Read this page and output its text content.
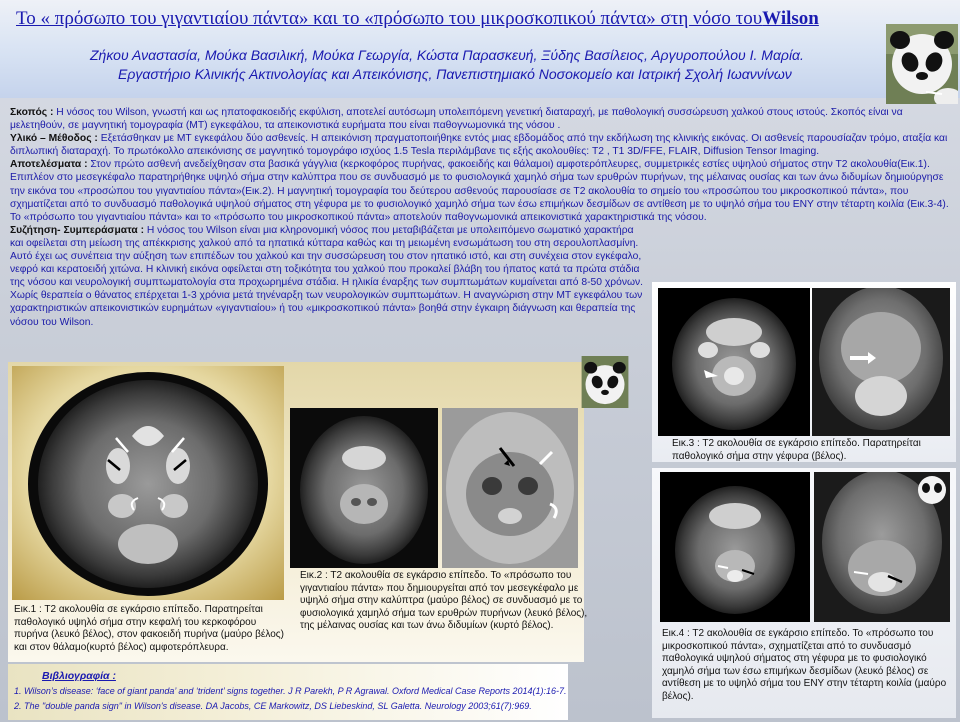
Το « πρόσωπο του γιγαντιαίου πάντα» και το «πρόσωπο του μικροσκοπικού πάντα» στη νόσο τουWilson
Ζήκου Αναστασία, Μούκα Βασιλική, Μούκα Γεωργία, Κώστα Παρασκευή, Ξύδης Βασίλειος, Αργυροπούλου Ι. Μαρία.
Εργαστήριο Κλινικής Ακτινολογίας και Απεικόνισης, Πανεπιστημιακό Νοσοκομείο και Ιατρική Σχολή Ιωαννίνων

Σκοπός : Η νόσος του Wilson, γνωστή και ως ηπατοφακοειδής εκφύλιση, αποτελεί αυτόσωμη υπολειπόμενη γενετική διαταραχή, με παθολογική συσσώρευση χαλκού στους ιστούς. Σκοπός είναι να μελετηθούν, σε μαγνητική τομογραφία (ΜΤ) εγκεφάλου, τα απεικονιστικά ευρήματα που είναι παθογνωμονικά της νόσου .

Υλικό – Μέθοδος : Εξετάσθηκαν με ΜΤ εγκεφάλου δύο ασθενείς. Η απεικόνιση πραγματοποιήθηκε εντός μιας εβδομάδος από την εκδήλωση της κλινικής εικόνας. Οι ασθενείς παρουσίαζαν τρόμο, αταξία και διπλωπική διαταραχή. Το πρωτόκολλο απεικόνισης σε μαγνητικό τομογράφο ισχύος 1.5 Tesla περιλάμβανε τις εξής ακολουθίες: T2 , T1 3D/FFE, FLAIR, Diffusion Tensor Imaging.

Αποτελέσματα : Στον πρώτο ασθενή ανεδείχθησαν στα βασικά γάγγλια (κερκοφόρος πυρήνας, φακοειδής και θάλαμοι) αμφοτερόπλευρες, συμμετρικές εστίες υψηλού σήματος στην Τ2 ακολουθία(Εικ.1). Επιπλέον στο μεσεγκέφαλο παρατηρήθηκε υψηλό σήμα στην καλύπτρα που σε συνδυασμό με το φυσιολογικά χαμηλό σήμα των ερυθρών πυρήνων, της μέλαινας ουσίας και των άνω διδυμίων δημιούργησε την εικόνα του «προσώπου του γιγαντιαίου πάντα»(Εικ.2). Η μαγνητική τομογραφία του δεύτερου ασθενούς παρουσίασε σε Τ2 ακολουθία το σημείο του «προσώπου του μικροσκοπικού πάντα», που σχηματίζεται από το συνδυασμό παθολογικά υψηλού σήματος στη γέφυρα με το φυσιολογικό χαμηλό σήμα των έσω επιμήκων δεσμίδων σε αντίθεση με το υψηλό σήμα του ΕΝΥ στην τέταρτη κοιλία (Εικ.3-4). Το «πρόσωπο του γιγαντιαίου πάντα» και το «πρόσωπο του μικροσκοπικού πάντα» αποτελούν παθογνωμονικά απεικονιστικά χαρακτηριστικά της νόσου.

Συζήτηση- Συμπεράσματα : Η νόσος του Wilson είναι μια κληρονομική νόσος που μεταβιβάζεται με υπολειπόμενο σωματικό χαρακτήρα και οφείλεται στη μείωση της απέκκρισης χαλκού από τα ηπατικά κύτταρα καθώς και τη μειωμένη ενσωμάτωση του στη σερουλοπλασμίνη. Αυτό έχει ως συνέπεια την αύξηση των επιπέδων του χαλκού και την συσσώρευση του στον ηπατικό ιστό, και στη συνέχεια στον εγκέφαλο, νεφρό και κερατοειδή χιτώνα. Η κλινική εικόνα οφείλεται στη τοξικότητα του χαλκού που προκαλεί βλάβη του ήπατος κατά τα πρώτα στάδια της νόσου και νευρολογική συμπτωματολογία στα προχωρημένα στάδια. Η ηλικία έναρξης των συμπτωμάτων κυμαίνεται από 8-50 χρόνων. Χωρίς θεραπεία ο θάνατος επέρχεται 1-3 χρόνια μετά τηνέναρξη των νευρολογικών συμπτωμάτων. Η αναγνώριση στην ΜΤ εγκεφάλου των χαρακτηριστικών απεικονιστικών ευρημάτων «γιγαντιαίου» ή του «μικροσκοπικού πάντα» βοηθά στην έγκαιρη διάγνωση και θεραπεία της νόσου του Wilson.

Εικ.3 : Τ2 ακολουθία σε εγκάρσιο επίπεδο. Παρατηρείται παθολογικό σήμα στην γέφυρα (βέλος).
Εικ.4 : Τ2 ακολουθία σε εγκάρσιο επίπεδο. Το «πρόσωπο του μικροσκοπικού πάντα», σχηματίζεται από το συνδυασμό παθολογικά υψηλού σήματος στη γέφυρα με το φυσιολογικό χαμηλό σήμα των έσω επιμήκων δεσμίδων (λευκό βέλος) σε αντίθεση με το υψηλό σήμα του ΕΝΥ στην τέταρτη κοιλία (μαύρο βέλος).
Εικ.1 : Τ2 ακολουθία σε εγκάρσιο επίπεδο. Παρατηρείται παθολογικό υψηλό σήμα στην κεφαλή του κερκοφόρου πυρήνα (λευκό βέλος), στον φακοειδή πυρήνα (μαύρο βέλος) και στον θάλαμο(κυρτό βέλος) αμφοτερόπλευρα.
Εικ.2 : Τ2 ακολουθία σε εγκάρσιο επίπεδο. Το «πρόσωπο του γιγαντιαίου πάντα» που δημιουργείται από τον μεσεγκέφαλο με υψηλό σήμα στην καλύπτρα (μαύρο βέλος) σε συνδυασμό με το φυσιολογικά χαμηλό σήμα των ερυθρών πυρήνων (λευκό βέλος), της μέλαινας ουσίας και των άνω διδυμίων (κυρτό βέλος).
Βιβλιογραφία :
1. Wilson’s disease: ‘face of giant panda’ and ‘trident’ signs together. J R Parekh, P R Agrawal. Oxford Medical Case Reports 2014(1):16-7.
2. The "double panda sign" in Wilson's disease. DA Jacobs, CE Markowitz, DS Liebeskind, SL Galetta. Neurology 2003;61(7):969.
